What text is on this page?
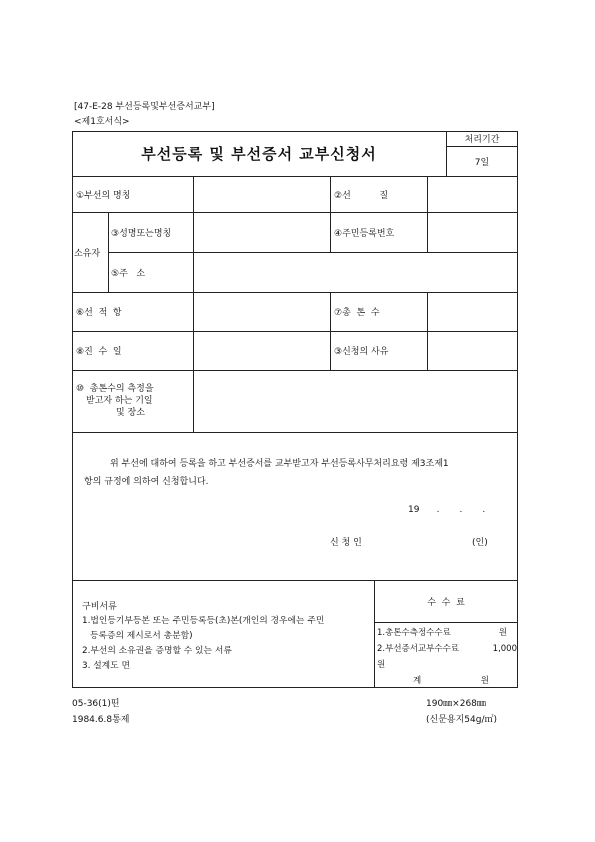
[47-E-28 부선등록및부선증서교부]
<제1호서식>
부선등록 및 부선증서 교부신청서
처리기간
7일
①부선의 명칭	②선          질
소유자
③성명또는명칭	④주민등록번호
⑤주   소
⑥선  적  항	⑦총  톤  수
⑧진  수  일	③신청의 사유
⑩  총톤수의 측정을
받고자 하는 기일
및 장소
위 부선에 대하여 등록을 하고 부선증서를 교부받고자 부선등록사무처리요령 제3조제1
항의 규정에 의하여 신청합니다.
19      .       .       .
신 청 인	(인)
구비서류
1.법인등기부등본 또는 주민등록등(초)본(개인의 경우에는 주민
등록증의 제시로서 총분함)
2.부선의 소유권을 증명할 수 있는 서류
3. 설계도 면
수  수  료
1.총톤수측정수수료	원
2.부선증서교부수수료	1,000
원
계	원
05-36(1)띤
1984.6.8통제
190㎜×268㎜
(신문용지54g/㎡)
